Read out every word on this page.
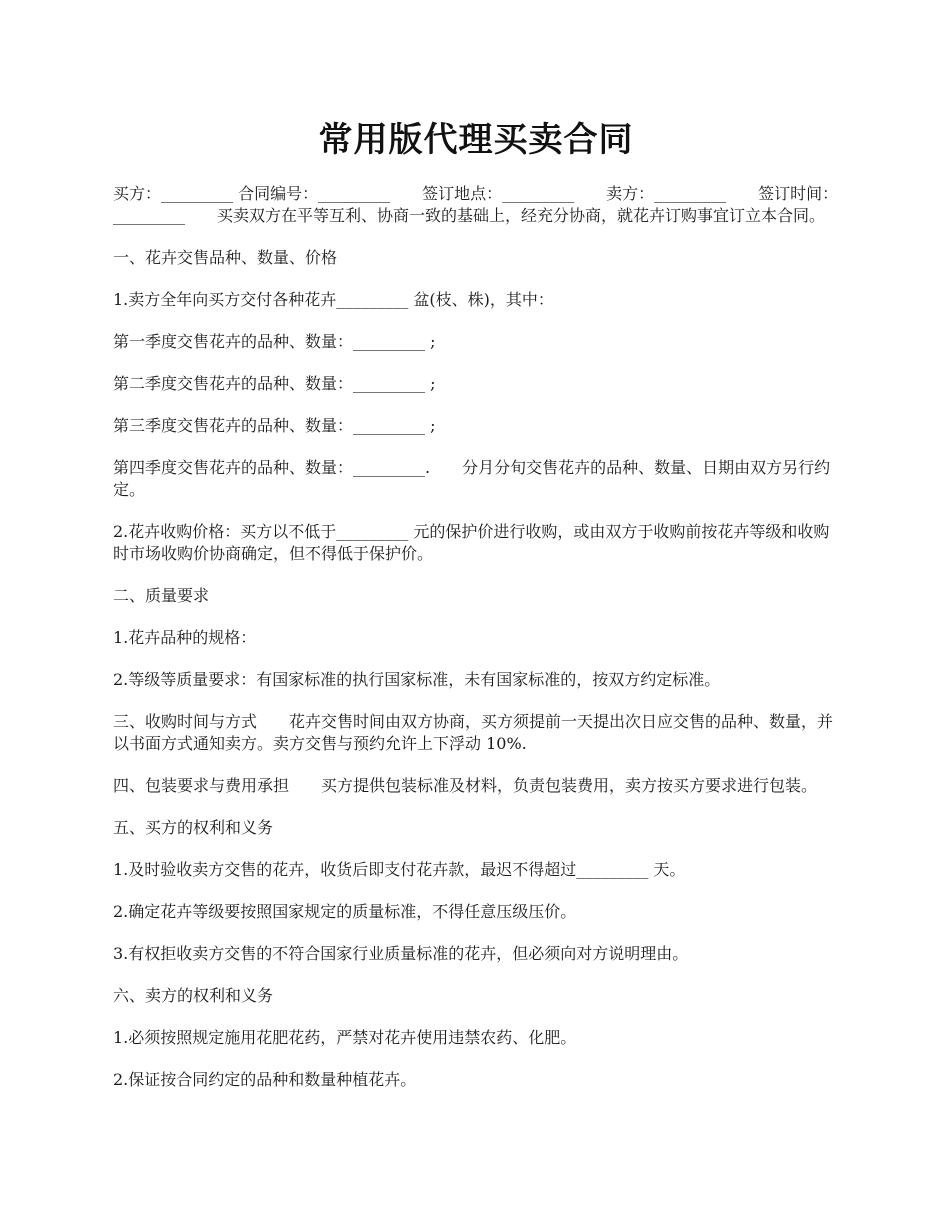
常用版代理买卖合同

买方：_________ 合同编号：_________　　签订地点：_________　　卖方：_________　　签订时间：_________　　买卖双方在平等互利、协商一致的基础上，经充分协商，就花卉订购事宜订立本合同。

一、花卉交售品种、数量、价格

1.卖方全年向买方交付各种花卉_________ 盆(枝、株)，其中：

第一季度交售花卉的品种、数量：_________ ;

第二季度交售花卉的品种、数量：_________ ;

第三季度交售花卉的品种、数量：_________ ;

第四季度交售花卉的品种、数量：_________.　　分月分旬交售花卉的品种、数量、日期由双方另行约定。

2.花卉收购价格：买方以不低于_________ 元的保护价进行收购，或由双方于收购前按花卉等级和收购时市场收购价协商确定，但不得低于保护价。

二、质量要求

1.花卉品种的规格：

2.等级等质量要求：有国家标准的执行国家标准，未有国家标准的，按双方约定标准。

三、收购时间与方式　　花卉交售时间由双方协商，买方须提前一天提出次日应交售的品种、数量，并以书面方式通知卖方。卖方交售与预约允许上下浮动 10%.

四、包装要求与费用承担　　买方提供包装标准及材料，负责包装费用，卖方按买方要求进行包装。

五、买方的权利和义务

1.及时验收卖方交售的花卉，收货后即支付花卉款，最迟不得超过_________ 天。

2.确定花卉等级要按照国家规定的质量标准，不得任意压级压价。

3.有权拒收卖方交售的不符合国家行业质量标准的花卉，但必须向对方说明理由。

六、卖方的权利和义务

1.必须按照规定施用花肥花药，严禁对花卉使用违禁农药、化肥。

2.保证按合同约定的品种和数量种植花卉。
